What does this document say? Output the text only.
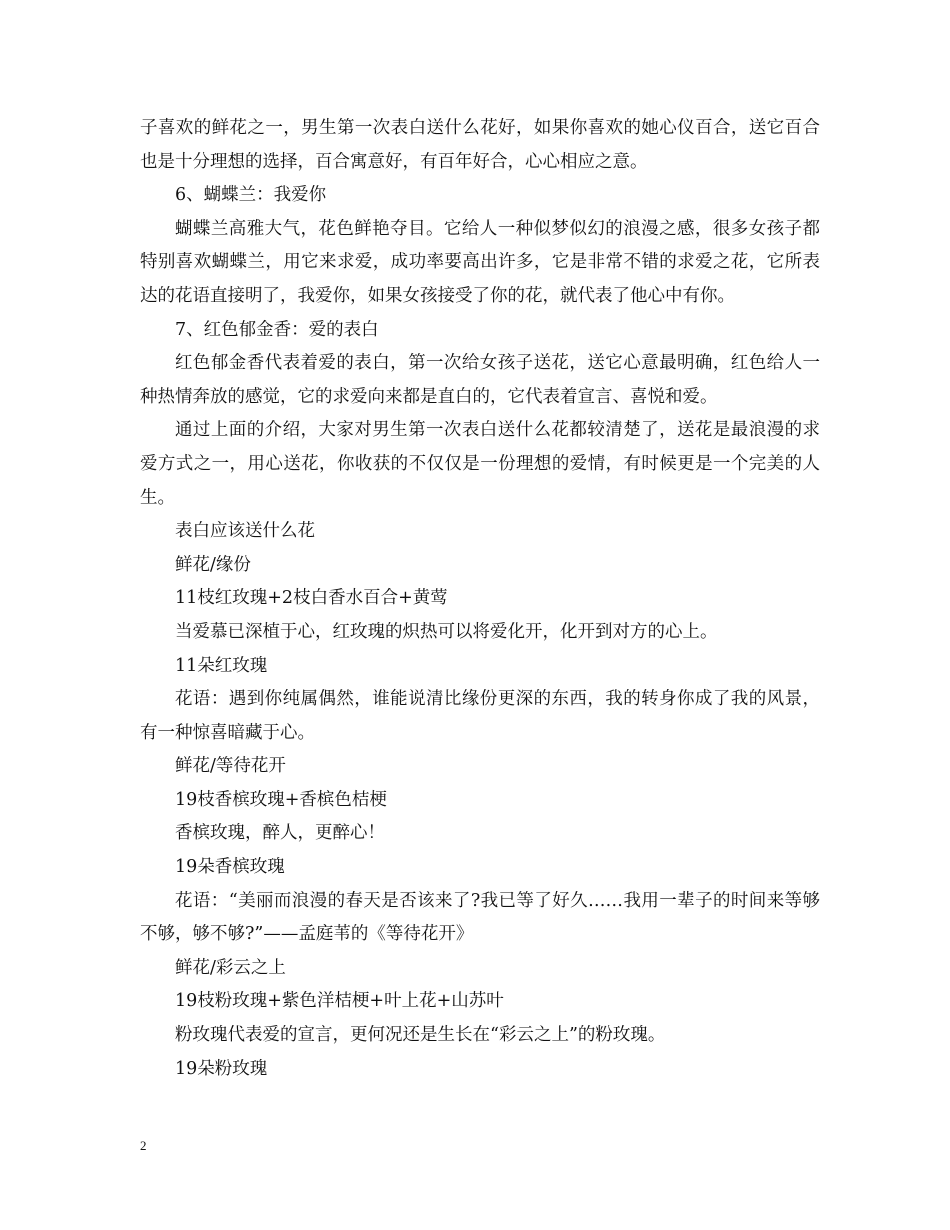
子喜欢的鲜花之一，男生第一次表白送什么花好，如果你喜欢的她心仪百合，送它百合也是十分理想的选择，百合寓意好，有百年好合，心心相应之意。

6、蝴蝶兰：我爱你

蝴蝶兰高雅大气，花色鲜艳夺目。它给人一种似梦似幻的浪漫之感，很多女孩子都特别喜欢蝴蝶兰，用它来求爱，成功率要高出许多，它是非常不错的求爱之花，它所表达的花语直接明了，我爱你，如果女孩接受了你的花，就代表了他心中有你。

7、红色郁金香：爱的表白

红色郁金香代表着爱的表白，第一次给女孩子送花，送它心意最明确，红色给人一种热情奔放的感觉，它的求爱向来都是直白的，它代表着宣言、喜悦和爱。

通过上面的介绍，大家对男生第一次表白送什么花都较清楚了，送花是最浪漫的求爱方式之一，用心送花，你收获的不仅仅是一份理想的爱情，有时候更是一个完美的人生。

表白应该送什么花

鲜花/缘份

11枝红玫瑰+2枝白香水百合+黄莺

当爱慕已深植于心，红玫瑰的炽热可以将爱化开，化开到对方的心上。

11朵红玫瑰

花语：遇到你纯属偶然，谁能说清比缘份更深的东西，我的转身你成了我的风景，有一种惊喜暗藏于心。

鲜花/等待花开

19枝香槟玫瑰+香槟色桔梗

香槟玫瑰，醉人，更醉心！

19朵香槟玫瑰

花语：“美丽而浪漫的春天是否该来了?我已等了好久……我用一辈子的时间来等够不够，够不够?”——孟庭苇的《等待花开》

鲜花/彩云之上

19枝粉玫瑰+紫色洋桔梗+叶上花+山苏叶

粉玫瑰代表爱的宣言，更何况还是生长在“彩云之上”的粉玫瑰。

19朵粉玫瑰

2
